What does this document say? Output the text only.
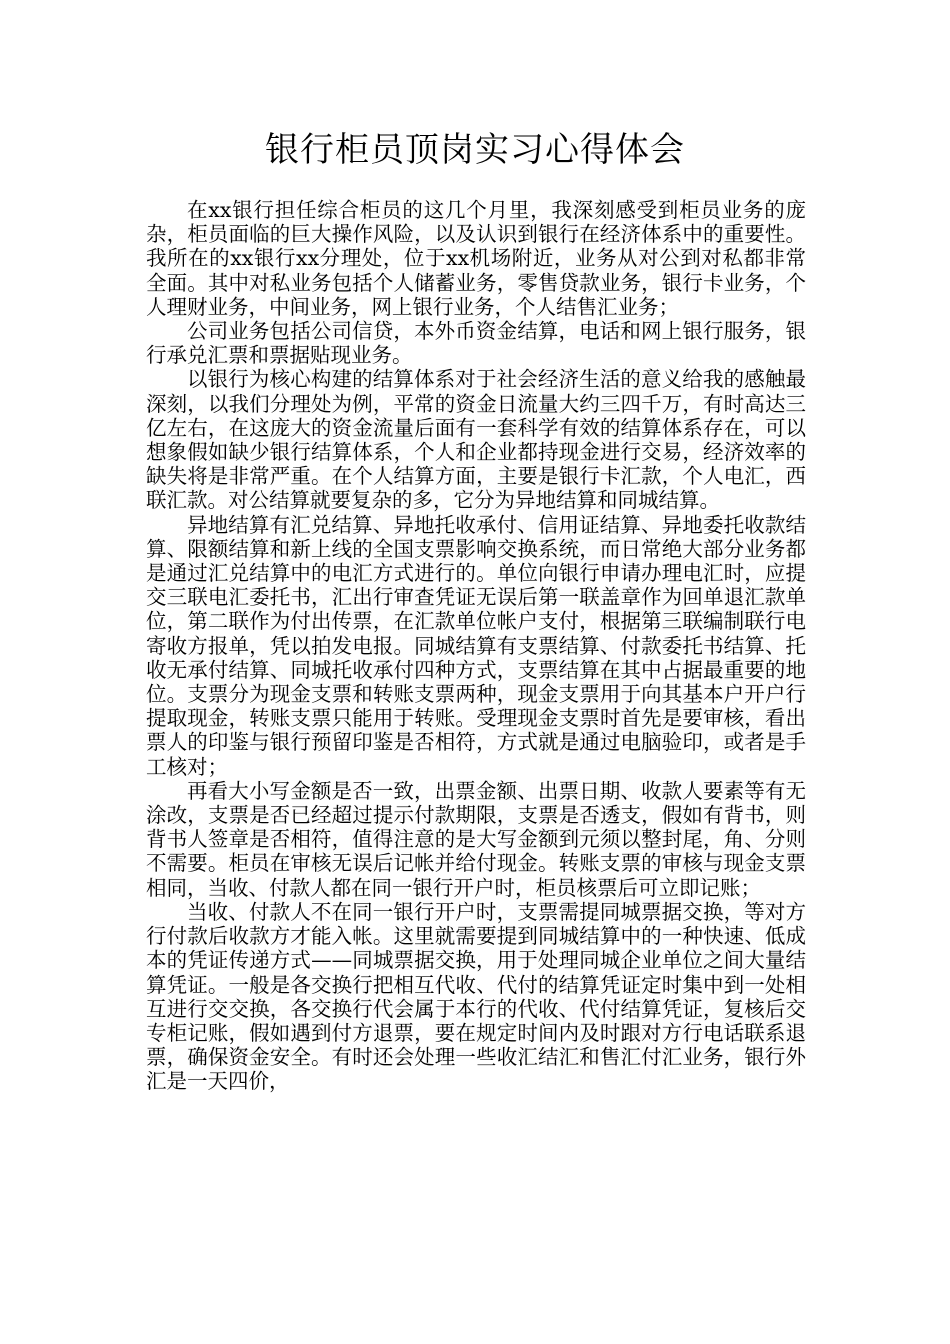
银行柜员顶岗实习心得体会

在xx银行担任综合柜员的这几个月里，我深刻感受到柜员业务的庞杂，柜员面临的巨大操作风险，以及认识到银行在经济体系中的重要性。我所在的xx银行xx分理处，位于xx机场附近，业务从对公到对私都非常全面。其中对私业务包括个人储蓄业务，零售贷款业务，银行卡业务，个人理财业务，中间业务，网上银行业务，个人结售汇业务；

公司业务包括公司信贷，本外币资金结算，电话和网上银行服务，银行承兑汇票和票据贴现业务。

以银行为核心构建的结算体系对于社会经济生活的意义给我的感触最深刻，以我们分理处为例，平常的资金日流量大约三四千万，有时高达三亿左右，在这庞大的资金流量后面有一套科学有效的结算体系存在，可以想象假如缺少银行结算体系，个人和企业都持现金进行交易，经济效率的缺失将是非常严重。在个人结算方面，主要是银行卡汇款，个人电汇，西联汇款。对公结算就要复杂的多，它分为异地结算和同城结算。

异地结算有汇兑结算、异地托收承付、信用证结算、异地委托收款结算、限额结算和新上线的全国支票影响交换系统，而日常绝大部分业务都是通过汇兑结算中的电汇方式进行的。单位向银行申请办理电汇时，应提交三联电汇委托书，汇出行审查凭证无误后第一联盖章作为回单退汇款单位，第二联作为付出传票，在汇款单位帐户支付，根据第三联编制联行电寄收方报单，凭以拍发电报。同城结算有支票结算、付款委托书结算、托收无承付结算、同城托收承付四种方式，支票结算在其中占据最重要的地位。支票分为现金支票和转账支票两种，现金支票用于向其基本户开户行提取现金，转账支票只能用于转账。受理现金支票时首先是要审核，看出票人的印鉴与银行预留印鉴是否相符，方式就是通过电脑验印，或者是手工核对；

再看大小写金额是否一致，出票金额、出票日期、收款人要素等有无涂改，支票是否已经超过提示付款期限，支票是否透支，假如有背书，则背书人签章是否相符，值得注意的是大写金额到元须以整封尾，角、分则不需要。柜员在审核无误后记帐并给付现金。转账支票的审核与现金支票相同，当收、付款人都在同一银行开户时，柜员核票后可立即记账；

当收、付款人不在同一银行开户时，支票需提同城票据交换，等对方行付款后收款方才能入帐。这里就需要提到同城结算中的一种快速、低成本的凭证传递方式——同城票据交换，用于处理同城企业单位之间大量结算凭证。一般是各交换行把相互代收、代付的结算凭证定时集中到一处相互进行交交换，各交换行代会属于本行的代收、代付结算凭证，复核后交专柜记账，假如遇到付方退票，要在规定时间内及时跟对方行电话联系退票，确保资金安全。有时还会处理一些收汇结汇和售汇付汇业务，银行外汇是一天四价，
